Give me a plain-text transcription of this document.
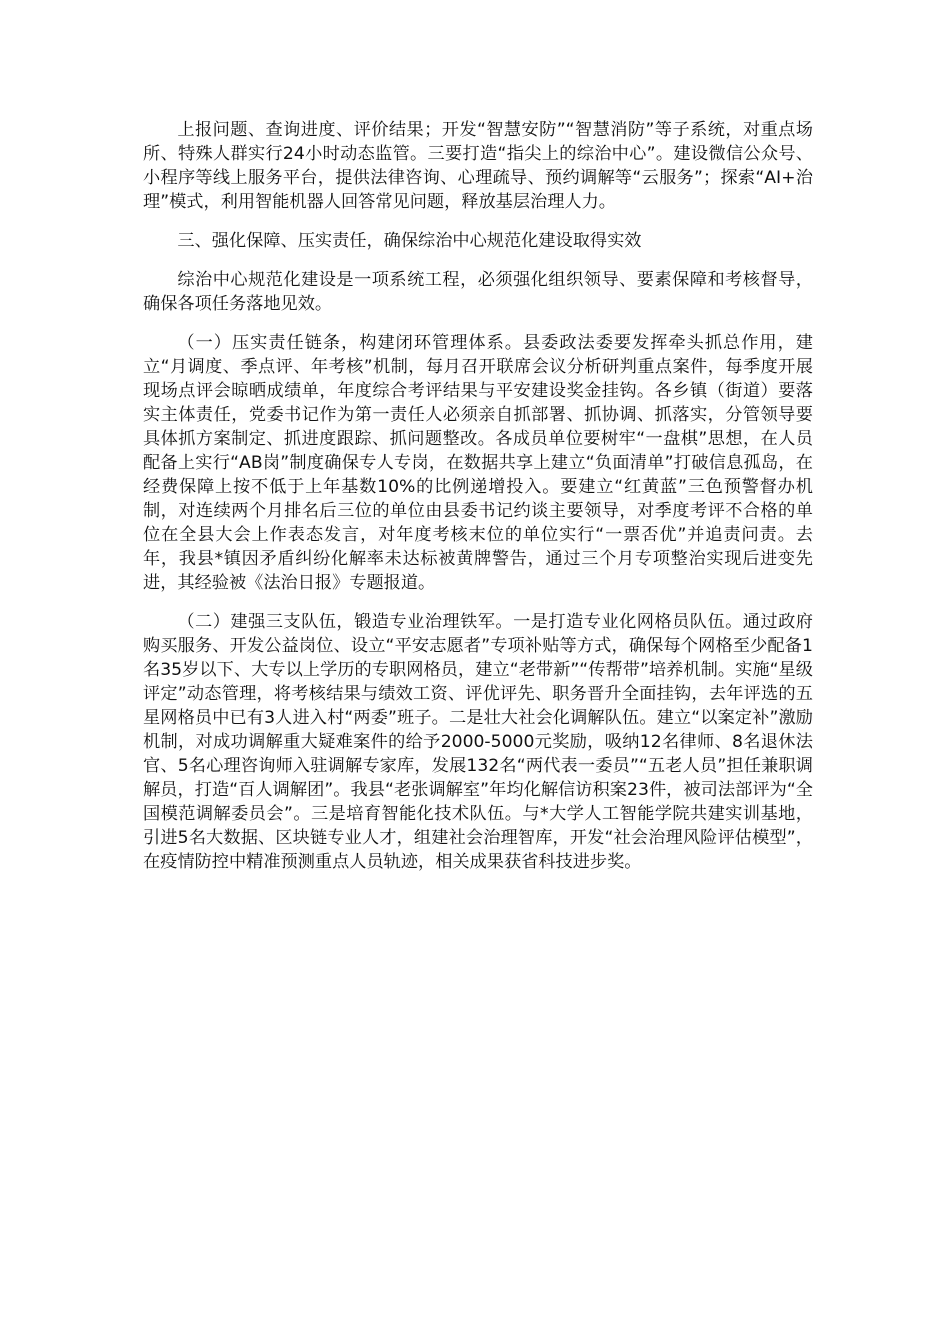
上报问题、查询进度、评价结果；开发“智慧安防”“智慧消防”等子系统，对重点场所、特殊人群实行24小时动态监管。三要打造“指尖上的综治中心”。建设微信公众号、小程序等线上服务平台，提供法律咨询、心理疏导、预约调解等“云服务”；探索“AI+治理”模式，利用智能机器人回答常见问题，释放基层治理人力。

三、强化保障、压实责任，确保综治中心规范化建设取得实效

综治中心规范化建设是一项系统工程，必须强化组织领导、要素保障和考核督导，确保各项任务落地见效。

（一）压实责任链条，构建闭环管理体系。县委政法委要发挥牵头抓总作用，建立“月调度、季点评、年考核”机制，每月召开联席会议分析研判重点案件，每季度开展现场点评会晾晒成绩单，年度综合考评结果与平安建设奖金挂钩。各乡镇（街道）要落实主体责任，党委书记作为第一责任人必须亲自抓部署、抓协调、抓落实，分管领导要具体抓方案制定、抓进度跟踪、抓问题整改。各成员单位要树牢“一盘棋”思想，在人员配备上实行“AB岗”制度确保专人专岗，在数据共享上建立“负面清单”打破信息孤岛，在经费保障上按不低于上年基数10%的比例递增投入。要建立“红黄蓝”三色预警督办机制，对连续两个月排名后三位的单位由县委书记约谈主要领导，对季度考评不合格的单位在全县大会上作表态发言，对年度考核末位的单位实行“一票否优”并追责问责。去年，我县*镇因矛盾纠纷化解率未达标被黄牌警告，通过三个月专项整治实现后进变先进，其经验被《法治日报》专题报道。

（二）建强三支队伍，锻造专业治理铁军。一是打造专业化网格员队伍。通过政府购买服务、开发公益岗位、设立“平安志愿者”专项补贴等方式，确保每个网格至少配备1名35岁以下、大专以上学历的专职网格员，建立“老带新”“传帮带”培养机制。实施“星级评定”动态管理，将考核结果与绩效工资、评优评先、职务晋升全面挂钩，去年评选的五星网格员中已有3人进入村“两委”班子。二是壮大社会化调解队伍。建立“以案定补”激励机制，对成功调解重大疑难案件的给予2000-5000元奖励，吸纳12名律师、8名退休法官、5名心理咨询师入驻调解专家库，发展132名“两代表一委员”“五老人员”担任兼职调解员，打造“百人调解团”。我县“老张调解室”年均化解信访积案23件，被司法部评为“全国模范调解委员会”。三是培育智能化技术队伍。与*大学人工智能学院共建实训基地，引进5名大数据、区块链专业人才，组建社会治理智库，开发“社会治理风险评估模型”，在疫情防控中精准预测重点人员轨迹，相关成果获省科技进步奖。
